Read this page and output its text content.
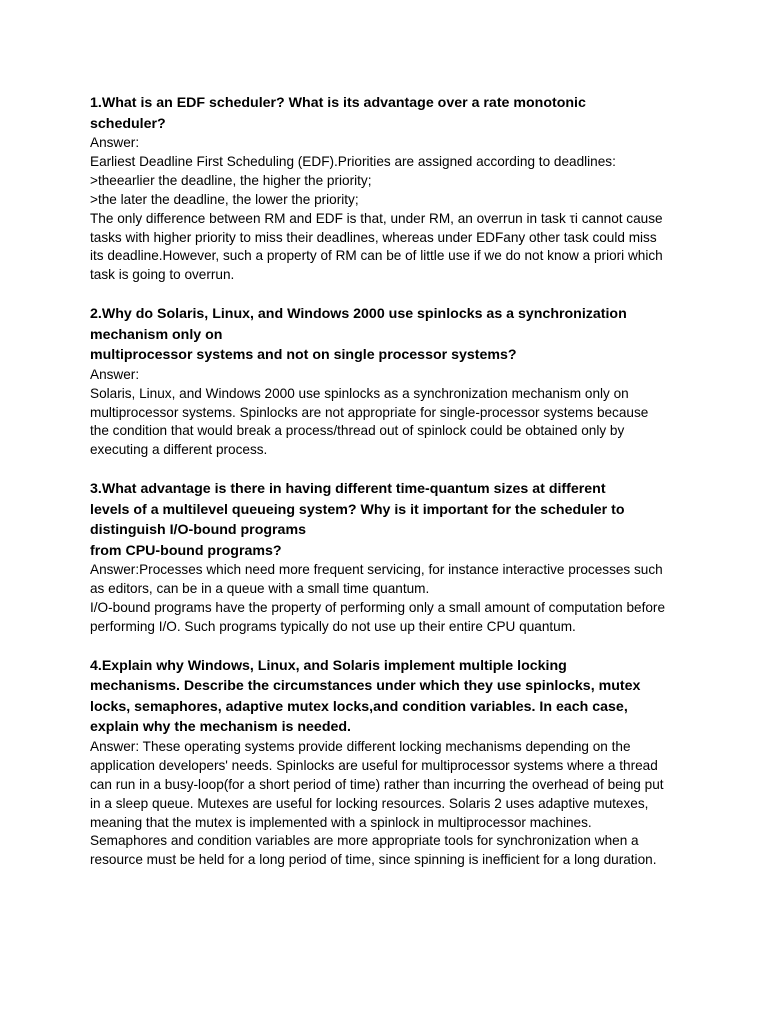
1.What is an EDF scheduler? What is its advantage over a rate monotonic
scheduler?
Answer:
Earliest Deadline First Scheduling (EDF).Priorities are assigned according to deadlines:
>theearlier the deadline, the higher the priority;
>the later the deadline, the lower the priority;
The only difference between RM and EDF is that, under RM, an overrun in task τi cannot cause
tasks with higher priority to miss their deadlines, whereas under EDFany other task could miss
its deadline.However, such a property of RM can be of little use if we do not know a priori which
task is going to overrun.
2.Why do Solaris, Linux, and Windows 2000 use spinlocks as a synchronization
mechanism only on
multiprocessor systems and not on single processor systems?
Answer:
Solaris, Linux, and Windows 2000 use spinlocks as a synchronization mechanism only on
multiprocessor systems. Spinlocks are not appropriate for single-processor systems because
the condition that would break a process/thread out of spinlock could be obtained only by
executing a different process.
3.What advantage is there in having different time-quantum sizes at different
levels of a multilevel queueing system? Why is it important for the scheduler to
distinguish I/O-bound programs
from CPU-bound programs?
Answer:Processes which need more frequent servicing, for instance interactive processes such
as editors, can be in a queue with a small time quantum.
I/O-bound programs have the property of performing only a small amount of computation before
performing I/O. Such programs typically do not use up their entire CPU quantum.
4.Explain why Windows, Linux, and Solaris implement multiple locking
mechanisms. Describe the circumstances under which they use spinlocks, mutex
locks, semaphores, adaptive mutex locks,and condition variables. In each case,
explain why the mechanism is needed.
Answer: These operating systems provide different locking mechanisms depending on the
application developers' needs. Spinlocks are useful for multiprocessor systems where a thread
can run in a busy-loop(for a short period of time) rather than incurring the overhead of being put
in a sleep queue. Mutexes are useful for locking resources. Solaris 2 uses adaptive mutexes,
meaning that the mutex is implemented with a spinlock in multiprocessor machines.
Semaphores and condition variables are more appropriate tools for synchronization when a
resource must be held for a long period of time, since spinning is inefficient for a long duration.
